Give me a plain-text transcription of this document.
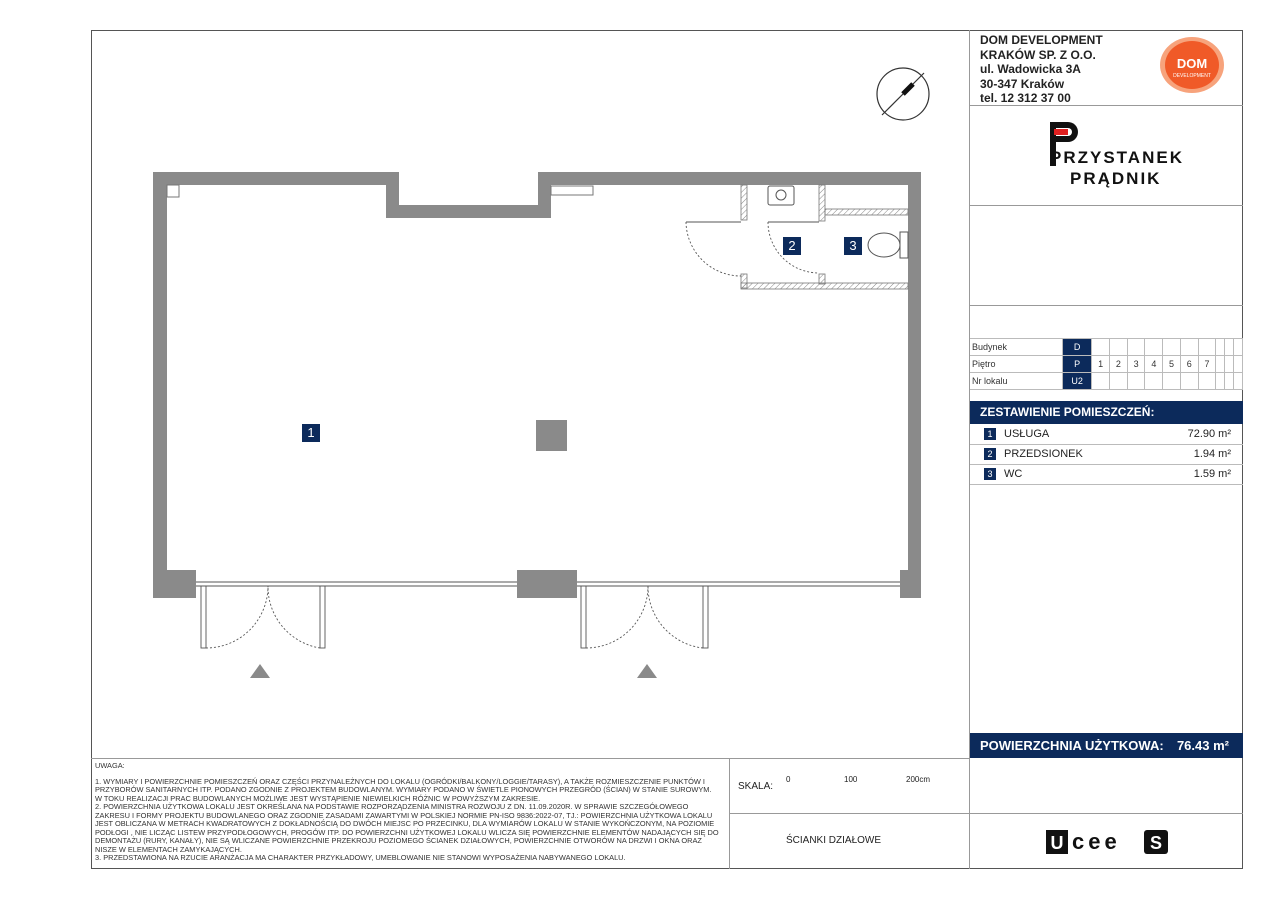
1
2	3
DOM DEVELOPMENT
KRAKÓW SP. Z O.O.
ul. Wadowicka 3A
30-347 Kraków
tel. 12 312 37 00
DOM
DEVELOPMENT
PRZYSTANEK
PRĄDNIK
Budynek	D										
Piętro	P	1	2	3	4	5	6	7			
Nr lokalu	U2										
ZESTAWIENIE POMIESZCZEŃ:
1	USŁUGA	72.90 m²
2	PRZEDSIONEK	1.94 m²
3	WC	1.59 m²
POWIERZCHNIA UŻYTKOWA: 76.43 m²

UWAGA:

1. WYMIARY I POWIERZCHNIE POMIESZCZEŃ ORAZ CZĘŚCI PRZYNALEŻNYCH DO LOKALU (OGRÓDKI/BALKONY/LOGGIE/TARASY), A TAKŻE ROZMIESZCZENIE PUNKTÓW I PRZYBORÓW SANITARNYCH ITP. PODANO ZGODNIE Z PROJEKTEM BUDOWLANYM. WYMIARY PODANO W ŚWIETLE PIONOWYCH PRZEGRÓD (ŚCIAN) W STANIE SUROWYM. W TOKU REALIZACJI PRAC BUDOWLANYCH MOŻLIWE JEST WYSTĄPIENIE NIEWIELKICH RÓŻNIC W POWYŻSZYM ZAKRESIE.

2. POWIERZCHNIA UŻYTKOWA LOKALU JEST OKREŚLANA NA PODSTAWIE ROZPORZĄDZENIA MINISTRA ROZWOJU Z DN. 11.09.2020R. W SPRAWIE SZCZEGÓŁOWEGO ZAKRESU I FORMY PROJEKTU BUDOWLANEGO ORAZ ZGODNIE ZASADAMI ZAWARTYMI W POLSKIEJ NORMIE PN-ISO 9836:2022-07, TJ.: POWIERZCHNIA UŻYTKOWA LOKALU JEST OBLICZANA W METRACH KWADRATOWYCH Z DOKŁADNOŚCIĄ DO DWÓCH MIEJSC PO PRZECINKU, DLA WYMIARÓW LOKALU W STANIE WYKOŃCZONYM, NA POZIOMIE PODŁOGI , NIE LICZĄC LISTEW PRZYPODŁOGOWYCH, PROGÓW ITP. DO POWIERZCHNI UŻYTKOWEJ LOKALU WLICZA SIĘ POWIERZCHNIE ELEMENTÓW NADAJĄCYCH SIĘ DO DEMONTAŻU (RURY, KANAŁY), NIE SĄ WLICZANE POWIERZCHNIE PRZEKROJU POZIOMEGO ŚCIANEK DZIAŁOWYCH, POWIERZCHNIE OTWORÓW NA DRZWI I OKNA ORAZ NISZE W ELEMENTACH ZAMYKAJĄCYCH.

3. PRZEDSTAWIONA NA RZUCIE ARANŻACJA MA CHARAKTER PRZYKŁADOWY, UMEBLOWANIE NIE STANOWI WYPOSAŻENIA NABYWANEGO LOKALU.

SKALA:
0	100	200cm
ŚCIANKI DZIAŁOWE	U cee S
